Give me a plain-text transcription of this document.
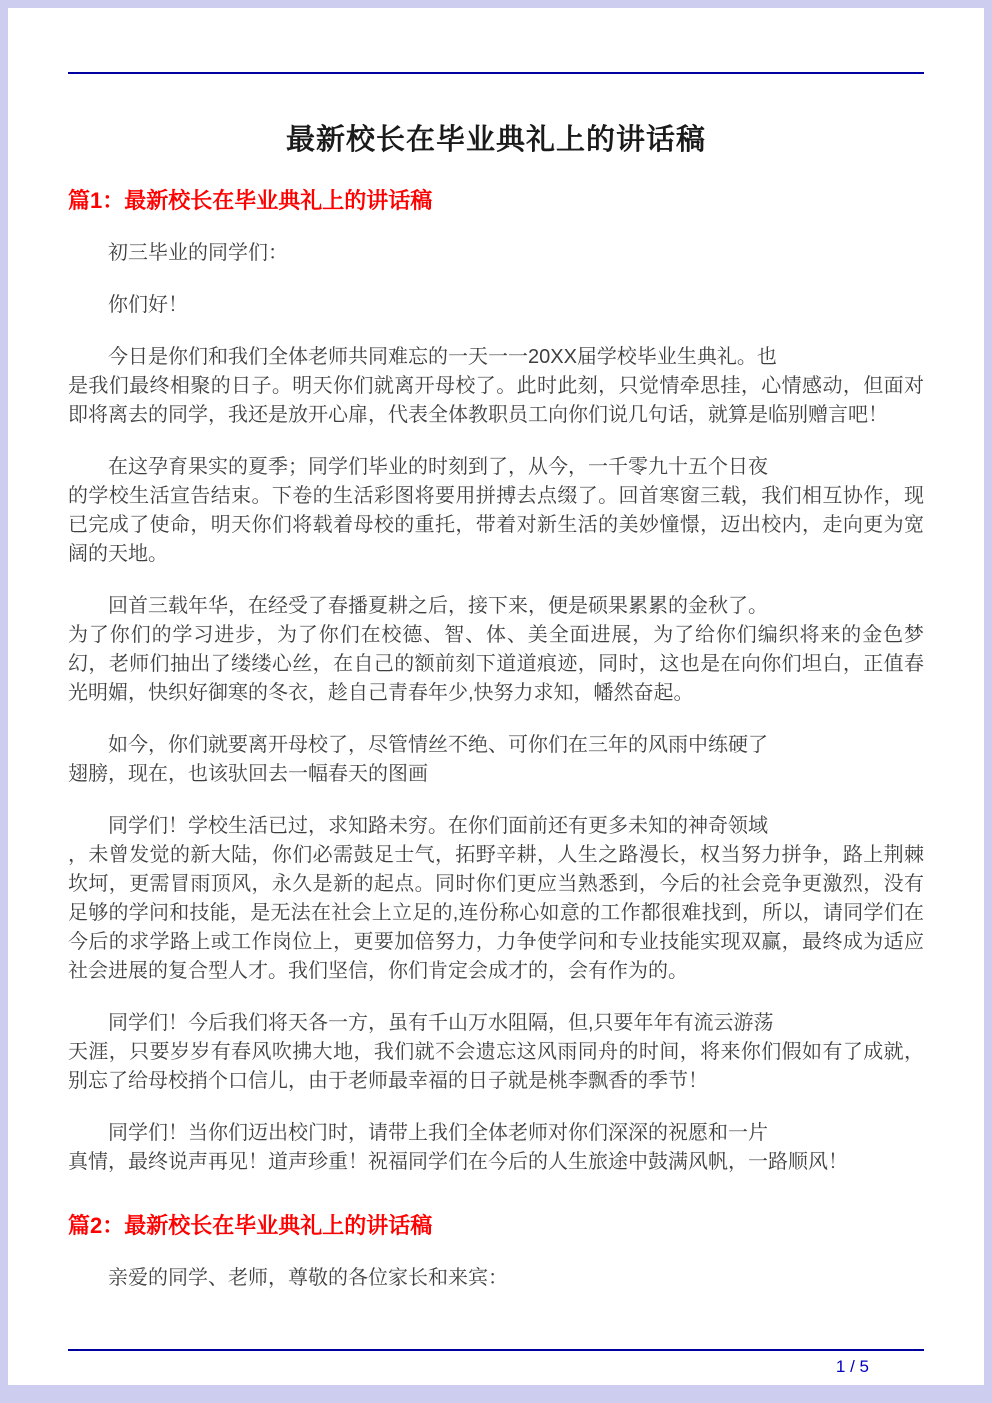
最新校长在毕业典礼上的讲话稿
篇1：最新校长在毕业典礼上的讲话稿

初三毕业的同学们：

你们好！

今日是你们和我们全体老师共同难忘的一天一一20XX届学校毕业生典礼。也
是我们最终相聚的日子。明天你们就离开母校了。此时此刻，只觉情牵思挂，心情感动，但面对即将离去的同学，我还是放开心扉，代表全体教职员工向你们说几句话，就算是临别赠言吧！

在这孕育果实的夏季；同学们毕业的时刻到了，从今，一千零九十五个日夜
的学校生活宣告结束。下卷的生活彩图将要用拼搏去点缀了。回首寒窗三载，我们相互协作，现已完成了使命，明天你们将载着母校的重托，带着对新生活的美妙憧憬，迈出校内，走向更为宽阔的天地。

回首三载年华，在经受了春播夏耕之后，接下来，便是硕果累累的金秋了。
为了你们的学习进步，为了你们在校德、智、体、美全面进展，为了给你们编织将来的金色梦幻，老师们抽出了缕缕心丝，在自己的额前刻下道道痕迹，同时，这也是在向你们坦白，正值春光明媚，快织好御寒的冬衣，趁自己青春年少,快努力求知，幡然奋起。

如今，你们就要离开母校了，尽管情丝不绝、可你们在三年的风雨中练硬了
翅膀，现在，也该驮回去一幅春天的图画

同学们！学校生活已过，求知路未穷。在你们面前还有更多未知的神奇领域
，未曾发觉的新大陆，你们必需鼓足士气，拓野辛耕，人生之路漫长，权当努力拼争，路上荆棘坎坷，更需冒雨顶风，永久是新的起点。同时你们更应当熟悉到，今后的社会竞争更激烈，没有足够的学问和技能，是无法在社会上立足的,连份称心如意的工作都很难找到，所以，请同学们在今后的求学路上或工作岗位上，更要加倍努力，力争使学问和专业技能实现双赢，最终成为适应社会进展的复合型人才。我们坚信，你们肯定会成才的，会有作为的。

同学们！今后我们将天各一方，虽有千山万水阻隔，但,只要年年有流云游荡
天涯，只要岁岁有春风吹拂大地，我们就不会遗忘这风雨同舟的时间，将来你们假如有了成就，别忘了给母校捎个口信儿，由于老师最幸福的日子就是桃李飘香的季节！

同学们！当你们迈出校门时，请带上我们全体老师对你们深深的祝愿和一片
真情，最终说声再见！道声珍重！祝福同学们在今后的人生旅途中鼓满风帆，一路顺风！

篇2：最新校长在毕业典礼上的讲话稿

亲爱的同学、老师，尊敬的各位家长和来宾：

1 / 5
